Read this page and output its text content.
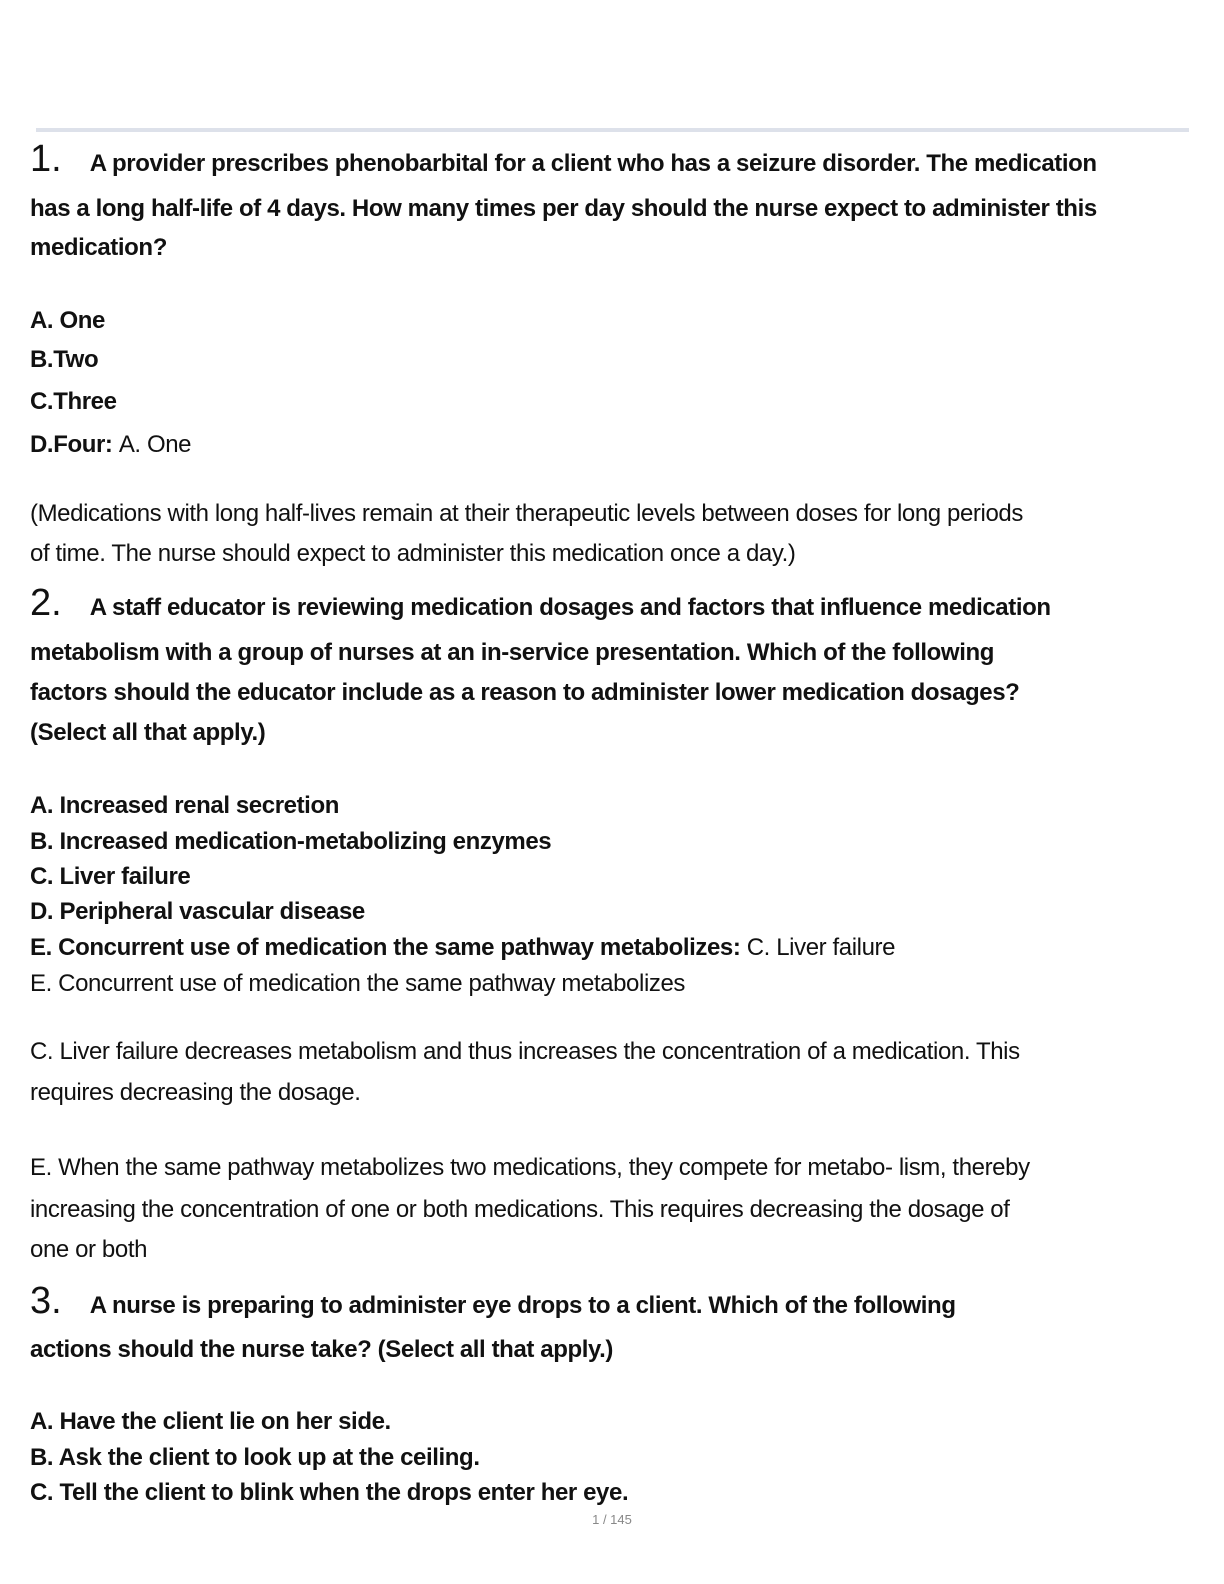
1. A provider prescribes phenobarbital for a client who has a seizure disorder. The medication
has a long half-life of 4 days. How many times per day should the nurse expect to administer this
medication?
A. One
B.Two
C.Three
D.Four: A. One
(Medications with long half-lives remain at their therapeutic levels between doses for long periods
of time. The nurse should expect to administer this medication once a day.)
2. A staff educator is reviewing medication dosages and factors that influence medication
metabolism with a group of nurses at an in-service presentation. Which of the following
factors should the educator include as a reason to administer lower medication dosages?
(Select all that apply.)
A. Increased renal secretion
B. Increased medication-metabolizing enzymes
C. Liver failure
D. Peripheral vascular disease
E. Concurrent use of medication the same pathway metabolizes: C. Liver failure
E. Concurrent use of medication the same pathway metabolizes
C. Liver failure decreases metabolism and thus increases the concentration of a medication. This
requires decreasing the dosage.
E. When the same pathway metabolizes two medications, they compete for metabo- lism, thereby
increasing the concentration of one or both medications. This requires decreasing the dosage of
one or both
3. A nurse is preparing to administer eye drops to a client. Which of the following
actions should the nurse take? (Select all that apply.)
A. Have the client lie on her side.
B. Ask the client to look up at the ceiling.
C. Tell the client to blink when the drops enter her eye.
1 / 145
